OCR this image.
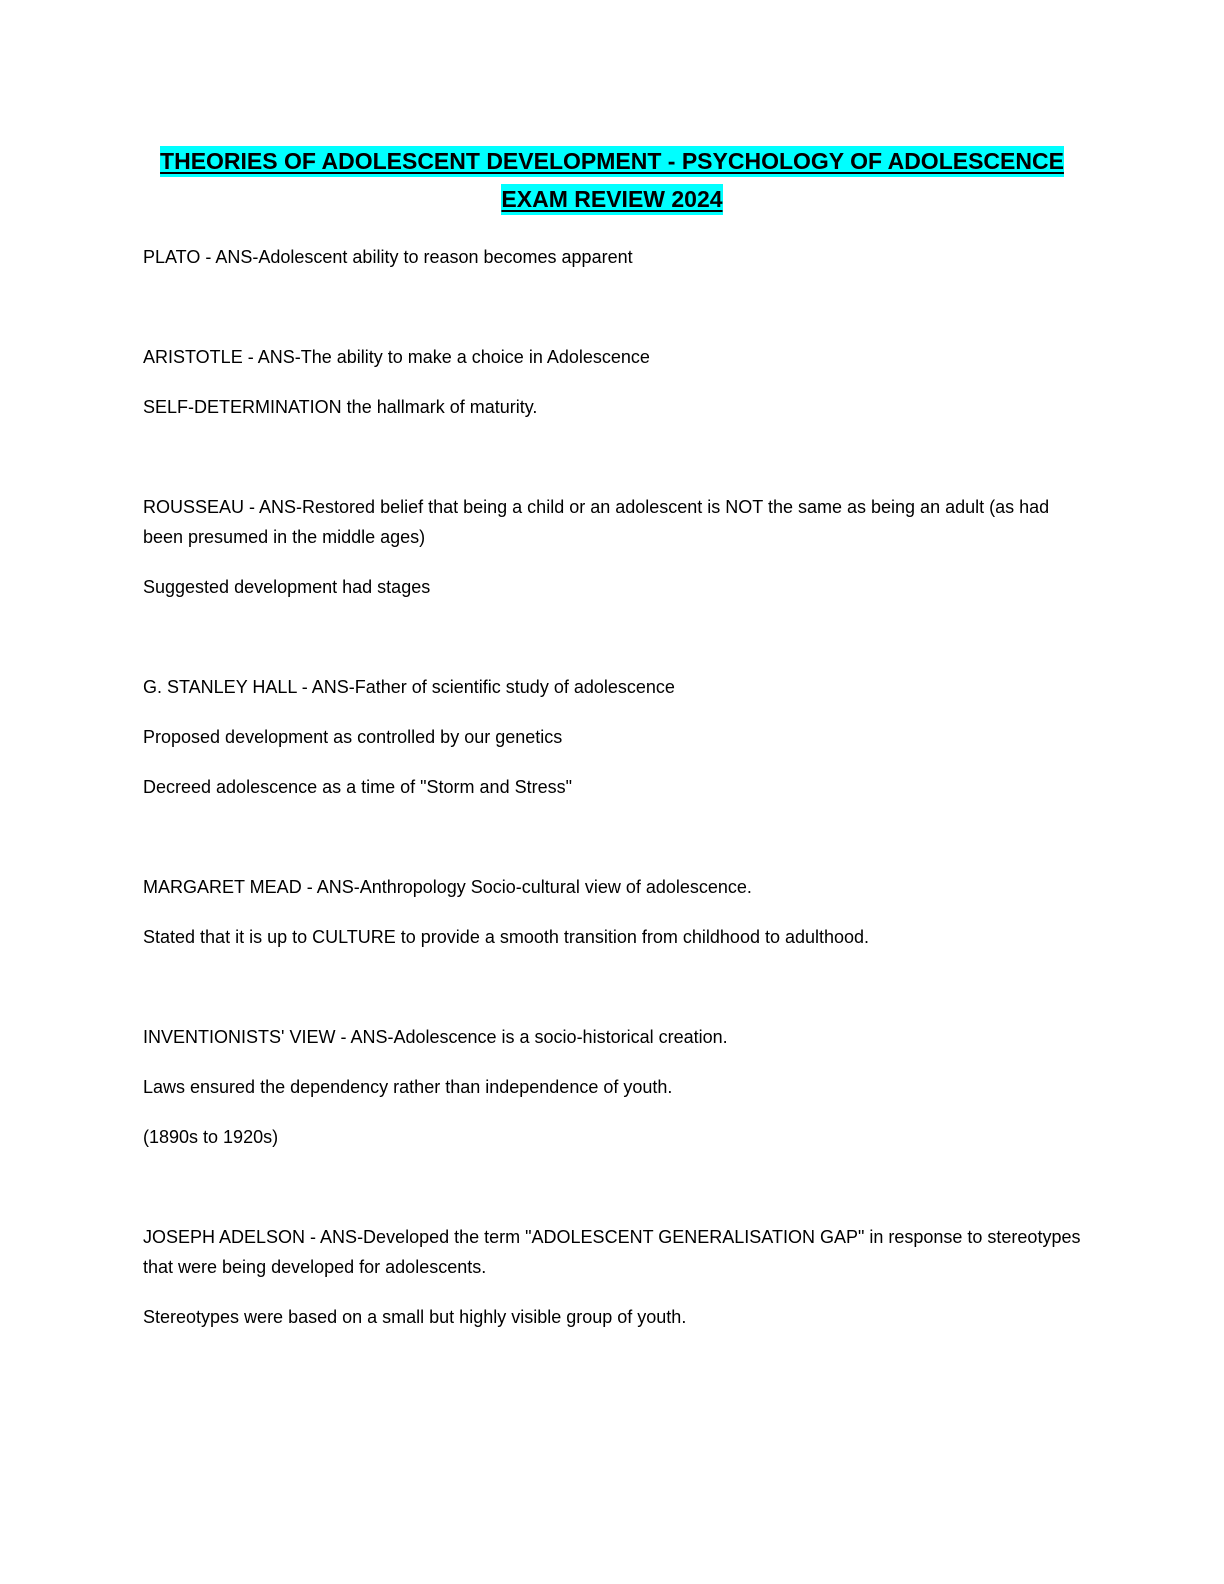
THEORIES OF ADOLESCENT DEVELOPMENT - PSYCHOLOGY OF ADOLESCENCE
EXAM REVIEW 2024

PLATO - ANS-Adolescent ability to reason becomes apparent

ARISTOTLE - ANS-The ability to make a choice in Adolescence

SELF-DETERMINATION the hallmark of maturity.

ROUSSEAU - ANS-Restored belief that being a child or an adolescent is NOT the same as being an adult (as had been presumed in the middle ages)

Suggested development had stages

G. STANLEY HALL - ANS-Father of scientific study of adolescence

Proposed development as controlled by our genetics

Decreed adolescence as a time of "Storm and Stress"

MARGARET MEAD - ANS-Anthropology Socio-cultural view of adolescence.

Stated that it is up to CULTURE to provide a smooth transition from childhood to adulthood.

INVENTIONISTS' VIEW - ANS-Adolescence is a socio-historical creation.

Laws ensured the dependency rather than independence of youth.

(1890s to 1920s)

JOSEPH ADELSON - ANS-Developed the term "ADOLESCENT GENERALISATION GAP" in response to stereotypes that were being developed for adolescents.

Stereotypes were based on a small but highly visible group of youth.
